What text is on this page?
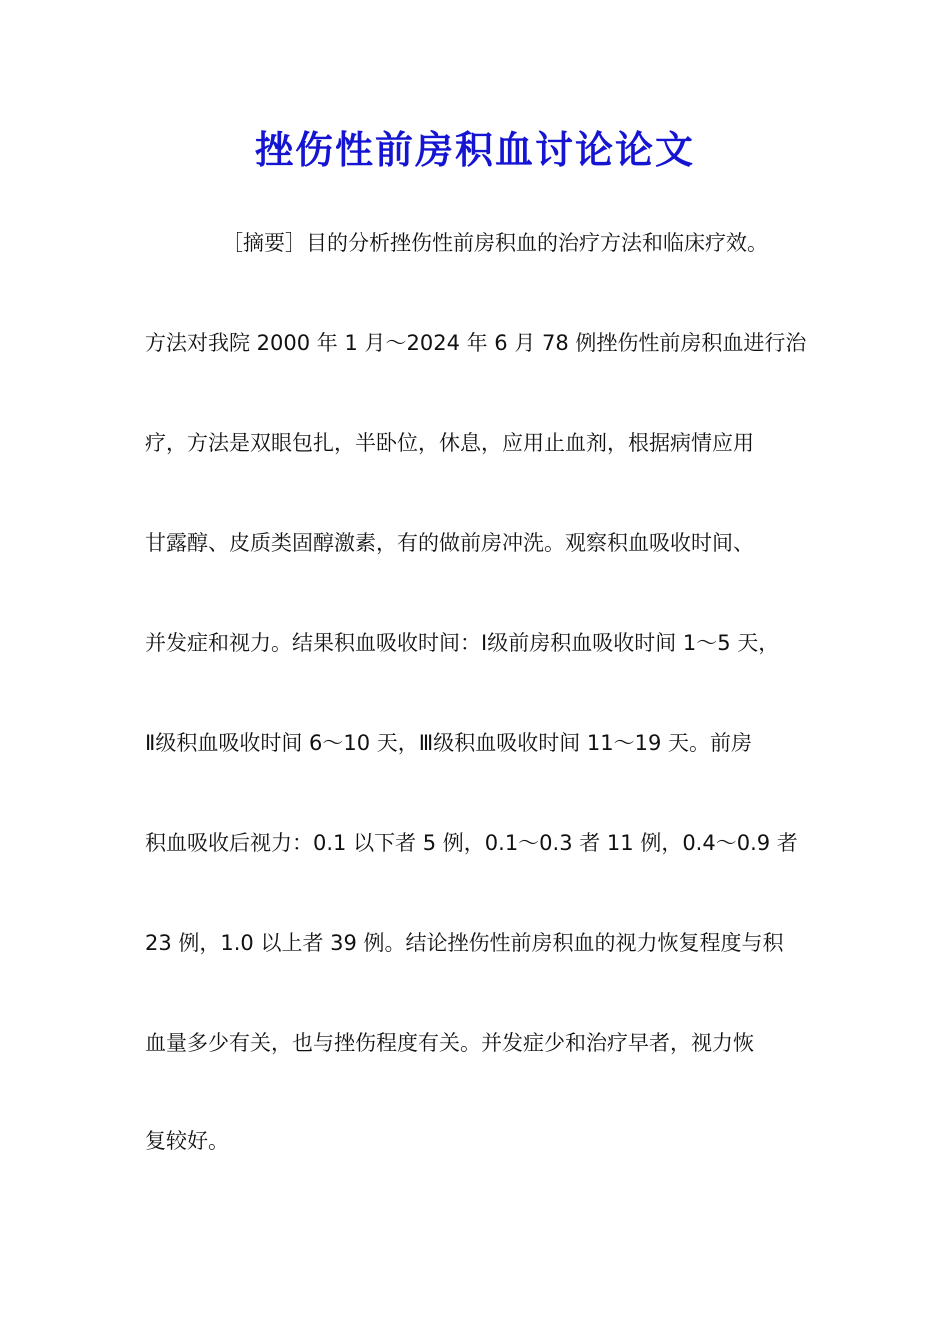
挫伤性前房积血讨论论文
［摘要］目的分析挫伤性前房积血的治疗方法和临床疗效。
方法对我院 2000 年 1 月～2024 年 6 月 78 例挫伤性前房积血进行治
疗，方法是双眼包扎，半卧位，休息，应用止血剂，根据病情应用
甘露醇、皮质类固醇激素，有的做前房冲洗。观察积血吸收时间、
并发症和视力。结果积血吸收时间：Ⅰ级前房积血吸收时间 1～5 天，
Ⅱ级积血吸收时间 6～10 天，Ⅲ级积血吸收时间 11～19 天。前房
积血吸收后视力：0.1 以下者 5 例，0.1～0.3 者 11 例，0.4～0.9 者
23 例，1.0 以上者 39 例。结论挫伤性前房积血的视力恢复程度与积
血量多少有关，也与挫伤程度有关。并发症少和治疗早者，视力恢
复较好。
